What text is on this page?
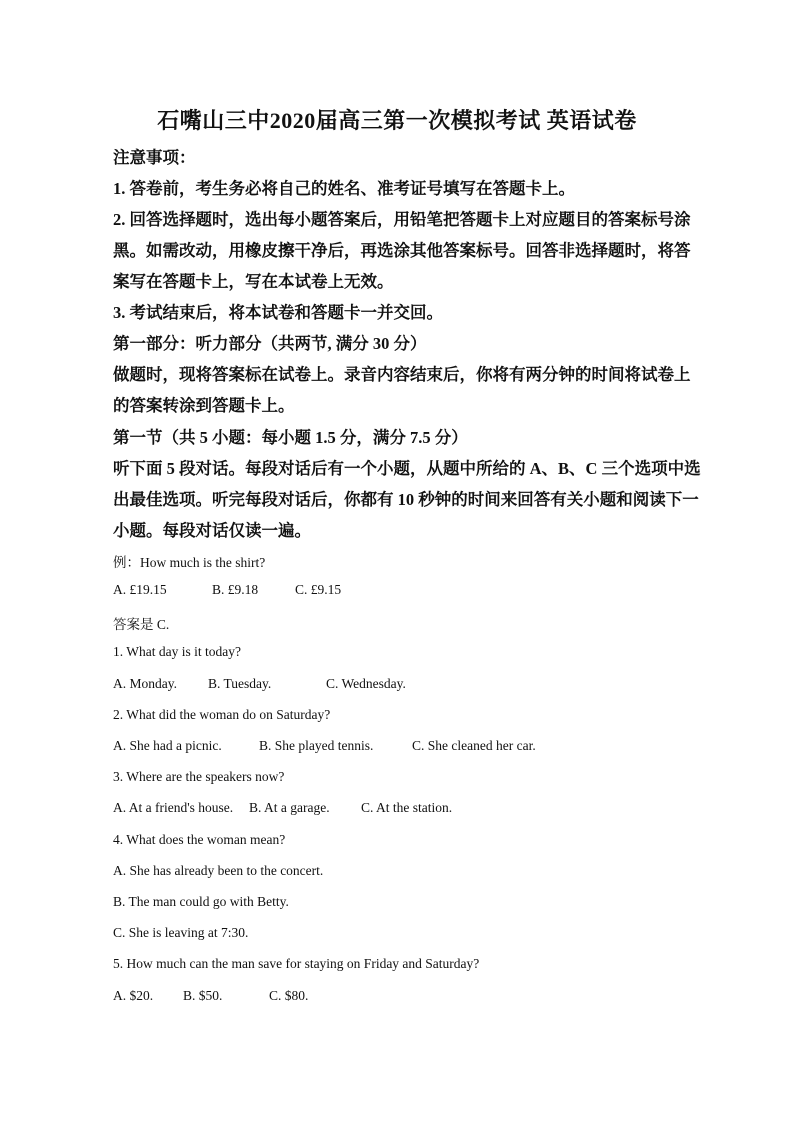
石嘴山三中2020届高三第一次模拟考试 英语试卷
注意事项：
1. 答卷前，考生务必将自己的姓名、准考证号填写在答题卡上。
2. 回答选择题时，选出每小题答案后，用铅笔把答题卡上对应题目的答案标号涂
黑。如需改动，用橡皮擦干净后，再选涂其他答案标号。回答非选择题时，将答
案写在答题卡上，写在本试卷上无效。
3. 考试结束后，将本试卷和答题卡一并交回。
第一部分：听力部分（共两节, 满分 30 分）
做题时，现将答案标在试卷上。录音内容结束后，你将有两分钟的时间将试卷上
的答案转涂到答题卡上。
第一节（共 5 小题：每小题 1.5 分，满分 7.5 分）
听下面 5 段对话。每段对话后有一个小题，从题中所给的 A、B、C 三个选项中选
出最佳选项。听完每段对话后，你都有 10 秒钟的时间来回答有关小题和阅读下一
小题。每段对话仅读一遍。
例：How much is the shirt?
A. £19.15	B. £9.18	C. £9.15
答案是 C.
1. What day is it today?
A. Monday. B. Tuesday.	C. Wednesday.
2. What did the woman do on Saturday?
A. She had a picnic.	B. She played tennis.	C. She cleaned her car.
3. Where are the speakers now?
A. At a friend's house. B. At a garage. C. At the station.
4. What does the woman mean?
A. She has already been to the concert.
B. The man could go with Betty.
C. She is leaving at 7:30.
5. How much can the man save for staying on Friday and Saturday?
A. $20. B. $50.	C. $80.
